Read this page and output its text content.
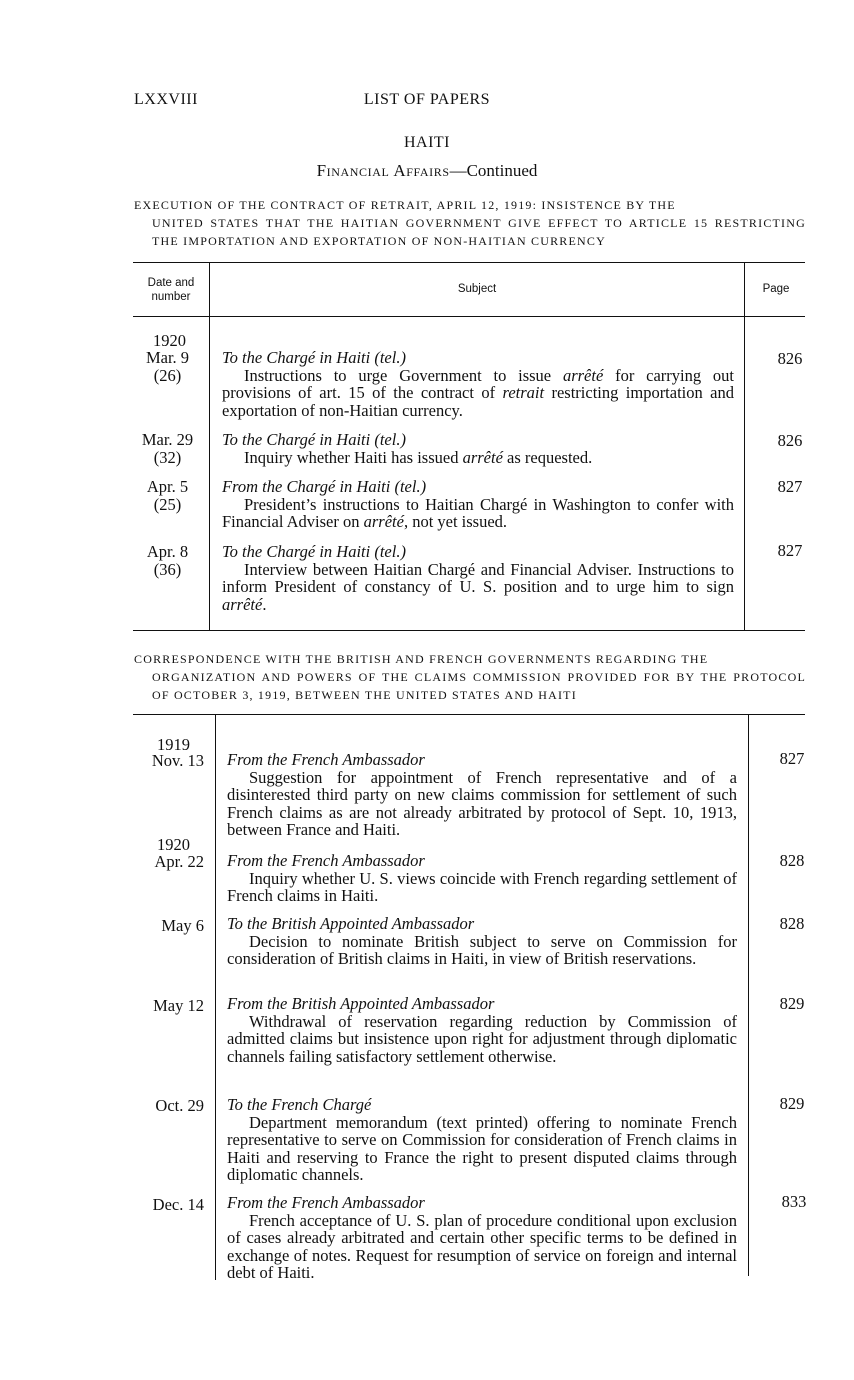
LXXVIII	LIST OF PAPERS
HAITI
Financial Affairs—Continued
EXECUTION OF THE CONTRACT OF RETRAIT, APRIL 12, 1919: INSISTENCE BY THE
UNITED STATES THAT THE HAITIAN GOVERNMENT GIVE EFFECT TO ARTICLE 15 RESTRICTING THE IMPORTATION AND EXPORTATION OF NON-HAITIAN CURRENCY
Date and number
Subject	Page
1920
Mar. 9
(26)
To the Chargé in Haiti (tel.)
Instructions to urge Government to issue arrêté for carrying out provisions of art. 15 of the contract of retrait restricting importation and exportation of non-Haitian currency.
826
Mar. 29
(32)
To the Chargé in Haiti (tel.)
Inquiry whether Haiti has issued arrêté as requested.
826
Apr. 5
(25)
From the Chargé in Haiti (tel.)
President’s instructions to Haitian Chargé in Washington to confer with Financial Adviser on arrêté, not yet issued.
827
Apr. 8
(36)
To the Chargé in Haiti (tel.)
Interview between Haitian Chargé and Financial Adviser. Instructions to inform President of constancy of U. S. position and to urge him to sign arrêté.
827
CORRESPONDENCE WITH THE BRITISH AND FRENCH GOVERNMENTS REGARDING THE
ORGANIZATION AND POWERS OF THE CLAIMS COMMISSION PROVIDED FOR BY THE PROTOCOL OF OCTOBER 3, 1919, BETWEEN THE UNITED STATES AND HAITI
1919
1920
Nov. 13 From the French Ambassador
Suggestion for appointment of French representative and of a disinterested third party on new claims commission for settlement of such French claims as are not already arbitrated by protocol of Sept. 10, 1913, between France and Haiti.
827
Apr. 22 From the French Ambassador
Inquiry whether U. S. views coincide with French regarding settlement of French claims in Haiti.
828
May 6 To the British Appointed Ambassador
Decision to nominate British subject to serve on Commission for consideration of British claims in Haiti, in view of British reservations.
828
May 12 From the British Appointed Ambassador
Withdrawal of reservation regarding reduction by Commission of admitted claims but insistence upon right for adjustment through diplomatic channels failing satisfactory settlement otherwise.
829
Oct. 29 To the French Chargé
Department memorandum (text printed) offering to nominate French representative to serve on Commission for consideration of French claims in Haiti and reserving to France the right to present disputed claims through diplomatic channels.
829
Dec. 14 From the French Ambassador
French acceptance of U. S. plan of procedure conditional upon exclusion of cases already arbitrated and certain other specific terms to be defined in exchange of notes. Request for resumption of service on foreign and internal debt of Haiti.
833
